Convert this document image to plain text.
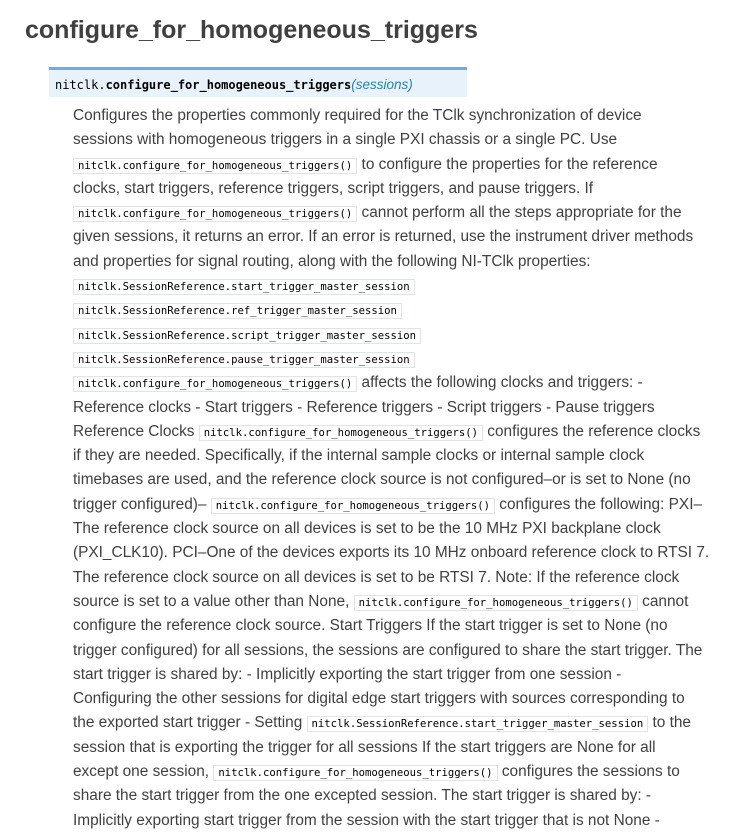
configure_for_homogeneous_triggers
nitclk.configure_for_homogeneous_triggers(sessions)
Configures the properties commonly required for the TClk synchronization of device
sessions with homogeneous triggers in a single PXI chassis or a single PC. Use
nitclk.configure_for_homogeneous_triggers() to configure the properties for the reference
clocks, start triggers, reference triggers, script triggers, and pause triggers. If
nitclk.configure_for_homogeneous_triggers() cannot perform all the steps appropriate for the
given sessions, it returns an error. If an error is returned, use the instrument driver methods
and properties for signal routing, along with the following NI-TClk properties:
nitclk.SessionReference.start_trigger_master_session
nitclk.SessionReference.ref_trigger_master_session
nitclk.SessionReference.script_trigger_master_session
nitclk.SessionReference.pause_trigger_master_session
nitclk.configure_for_homogeneous_triggers() affects the following clocks and triggers: -
Reference clocks - Start triggers - Reference triggers - Script triggers - Pause triggers
Reference Clocks nitclk.configure_for_homogeneous_triggers() configures the reference clocks
if they are needed. Specifically, if the internal sample clocks or internal sample clock
timebases are used, and the reference clock source is not configured–or is set to None (no
trigger configured)– nitclk.configure_for_homogeneous_triggers() configures the following: PXI–
The reference clock source on all devices is set to be the 10 MHz PXI backplane clock
(PXI_CLK10). PCI–One of the devices exports its 10 MHz onboard reference clock to RTSI 7.
The reference clock source on all devices is set to be RTSI 7. Note: If the reference clock
source is set to a value other than None, nitclk.configure_for_homogeneous_triggers() cannot
configure the reference clock source. Start Triggers If the start trigger is set to None (no
trigger configured) for all sessions, the sessions are configured to share the start trigger. The
start trigger is shared by: - Implicitly exporting the start trigger from one session -
Configuring the other sessions for digital edge start triggers with sources corresponding to
the exported start trigger - Setting nitclk.SessionReference.start_trigger_master_session to the
session that is exporting the trigger for all sessions If the start triggers are None for all
except one session, nitclk.configure_for_homogeneous_triggers() configures the sessions to
share the start trigger from the one excepted session. The start trigger is shared by: -
Implicitly exporting start trigger from the session with the start trigger that is not None -
